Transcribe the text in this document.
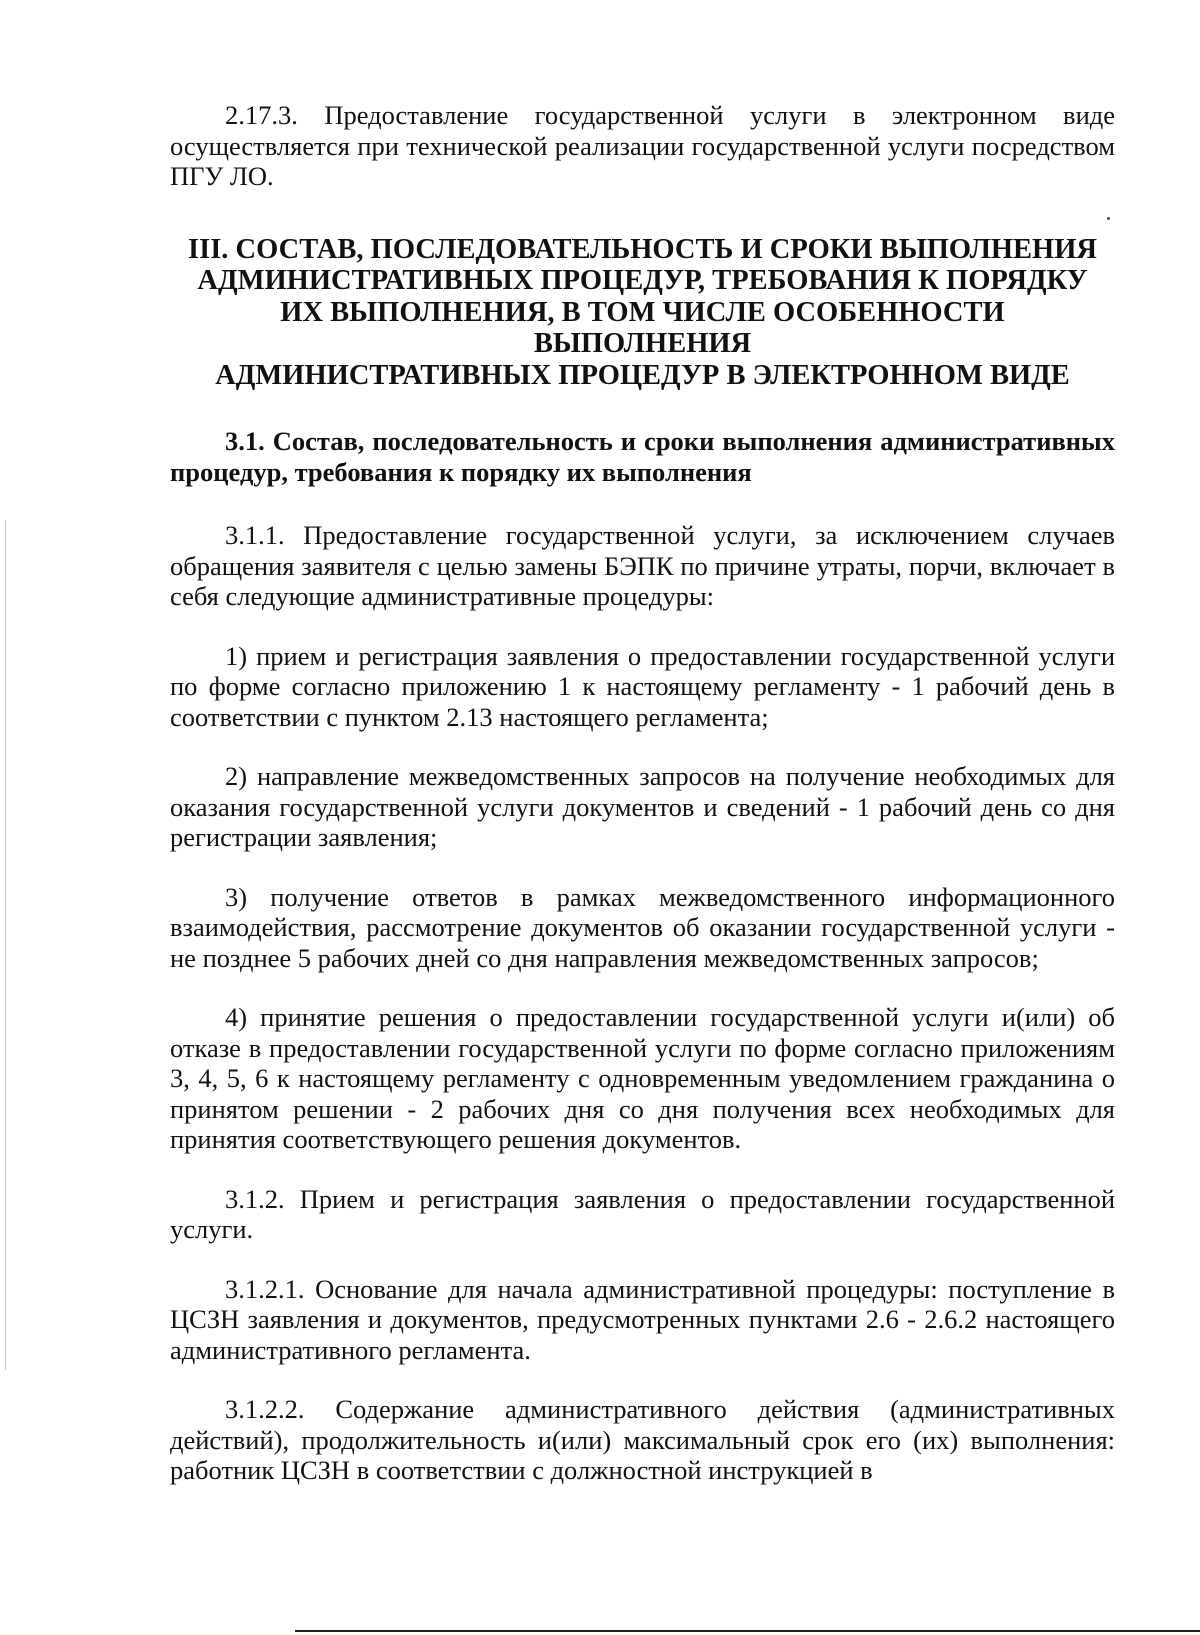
2.17.3. Предоставление государственной услуги в электронном виде осуществляется при технической реализации государственной услуги посредством ПГУ ЛО.

III. СОСТАВ, ПОСЛЕДОВАТЕЛЬНОСТЬ И СРОКИ ВЫПОЛНЕНИЯ
АДМИНИСТРАТИВНЫХ ПРОЦЕДУР, ТРЕБОВАНИЯ К ПОРЯДКУ
ИХ ВЫПОЛНЕНИЯ, В ТОМ ЧИСЛЕ ОСОБЕННОСТИ ВЫПОЛНЕНИЯ
АДМИНИСТРАТИВНЫХ ПРОЦЕДУР В ЭЛЕКТРОННОМ ВИДЕ
3.1. Состав, последовательность и сроки выполнения административных процедур, требования к порядку их выполнения

3.1.1. Предоставление государственной услуги, за исключением случаев обращения заявителя с целью замены БЭПК по причине утраты, порчи, включает в себя следующие административные процедуры:

1) прием и регистрация заявления о предоставлении государственной услуги по форме согласно приложению 1 к настоящему регламенту - 1 рабочий день в соответствии с пунктом 2.13 настоящего регламента;

2) направление межведомственных запросов на получение необходимых для оказания государственной услуги документов и сведений - 1 рабочий день со дня регистрации заявления;

3) получение ответов в рамках межведомственного информационного взаимодействия, рассмотрение документов об оказании государственной услуги - не позднее 5 рабочих дней со дня направления межведомственных запросов;

4) принятие решения о предоставлении государственной услуги и(или) об отказе в предоставлении государственной услуги по форме согласно приложениям 3, 4, 5, 6 к настоящему регламенту с одновременным уведомлением гражданина о принятом решении - 2 рабочих дня со дня получения всех необходимых для принятия соответствующего решения документов.

3.1.2. Прием и регистрация заявления о предоставлении государственной услуги.

3.1.2.1. Основание для начала административной процедуры: поступление в ЦСЗН заявления и документов, предусмотренных пунктами 2.6 - 2.6.2 настоящего административного регламента.

3.1.2.2. Содержание административного действия (административных действий), продолжительность и(или) максимальный срок его (их) выполнения: работник ЦСЗН в соответствии с должностной инструкцией в
